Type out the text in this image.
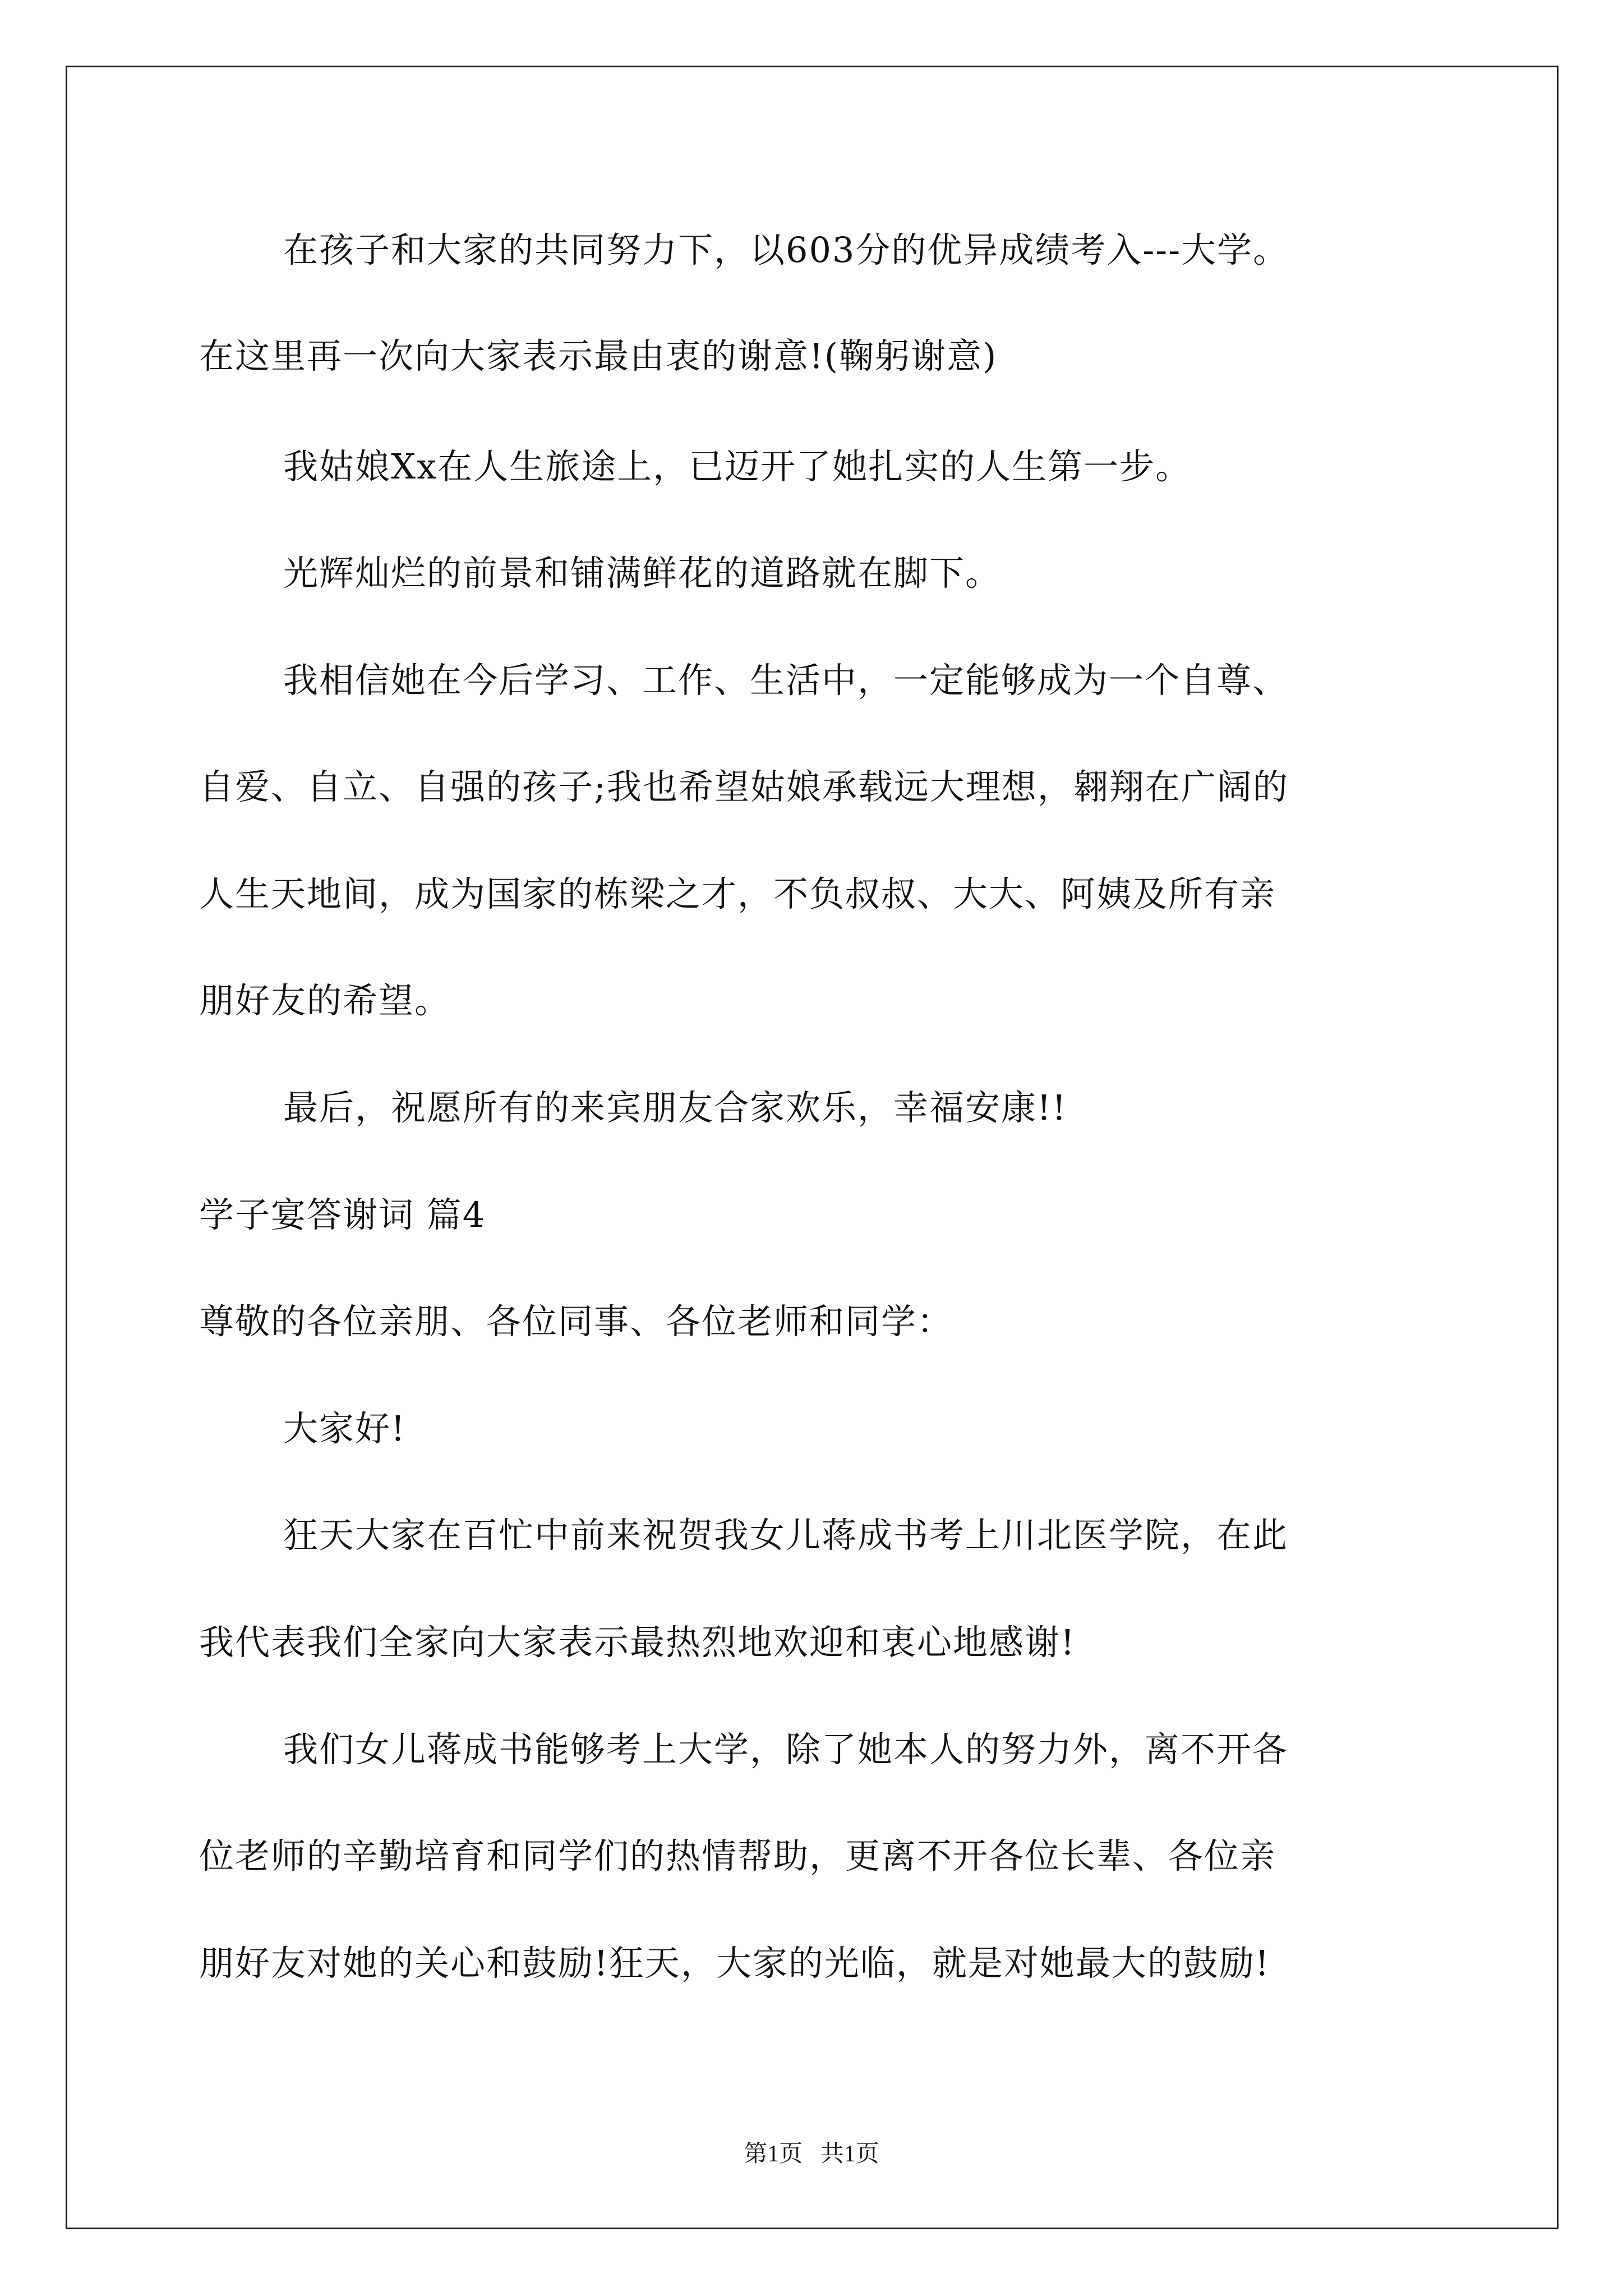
在孩子和大家的共同努力下，以603分的优异成绩考入---大学。
在这里再一次向大家表示最由衷的谢意!(鞠躬谢意)
我姑娘Xx在人生旅途上，已迈开了她扎实的人生第一步。
光辉灿烂的前景和铺满鲜花的道路就在脚下。
我相信她在今后学习、工作、生活中，一定能够成为一个自尊、
自爱、自立、自强的孩子;我也希望姑娘承载远大理想，翱翔在广阔的
人生天地间，成为国家的栋梁之才，不负叔叔、大大、阿姨及所有亲
朋好友的希望。
最后，祝愿所有的来宾朋友合家欢乐，幸福安康!!
学子宴答谢词 篇4
尊敬的各位亲朋、各位同事、各位老师和同学：
大家好!
狂天大家在百忙中前来祝贺我女儿蒋成书考上川北医学院，在此
我代表我们全家向大家表示最热烈地欢迎和衷心地感谢!
我们女儿蒋成书能够考上大学，除了她本人的努力外，离不开各
位老师的辛勤培育和同学们的热情帮助，更离不开各位长辈、各位亲
朋好友对她的关心和鼓励!狂天，大家的光临，就是对她最大的鼓励!
第1页   共1页
